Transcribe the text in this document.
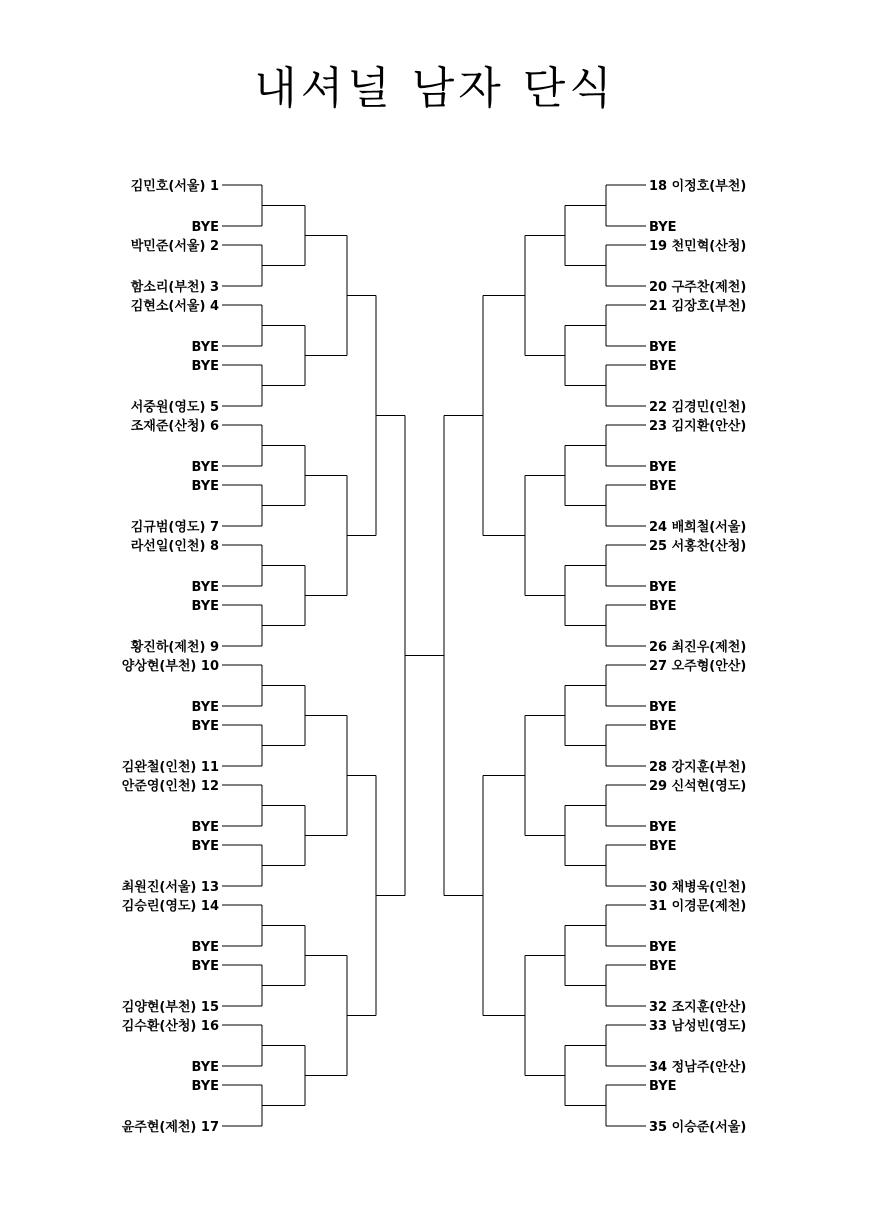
내셔널 남자 단식
김민호(서울) 1
BYE
박민준(서울) 2
함소리(부천) 3
김현소(서울) 4
BYE
BYE
서중원(영도) 5
조재준(산청) 6
BYE
BYE
김규범(영도) 7
라선일(인천) 8
BYE
BYE
황진하(제천) 9
양상현(부천) 10
BYE
BYE
김완철(인천) 11
안준영(인천) 12
BYE
BYE
최원진(서울) 13
김승린(영도) 14
BYE
BYE
김양현(부천) 15
김수환(산청) 16
BYE
BYE
윤주현(제천) 17
18 이정호(부천)
BYE
19 천민혁(산청)
20 구주찬(제천)
21 김장호(부천)
BYE
BYE
22 김경민(인천)
23 김지환(안산)
BYE
BYE
24 배희철(서울)
25 서홍찬(산청)
BYE
BYE
26 최진우(제천)
27 오주형(안산)
BYE
BYE
28 강지훈(부천)
29 신석현(영도)
BYE
BYE
30 채병욱(인천)
31 이경문(제천)
BYE
BYE
32 조지훈(안산)
33 남성빈(영도)
34 정남주(안산)
BYE
35 이승준(서울)
